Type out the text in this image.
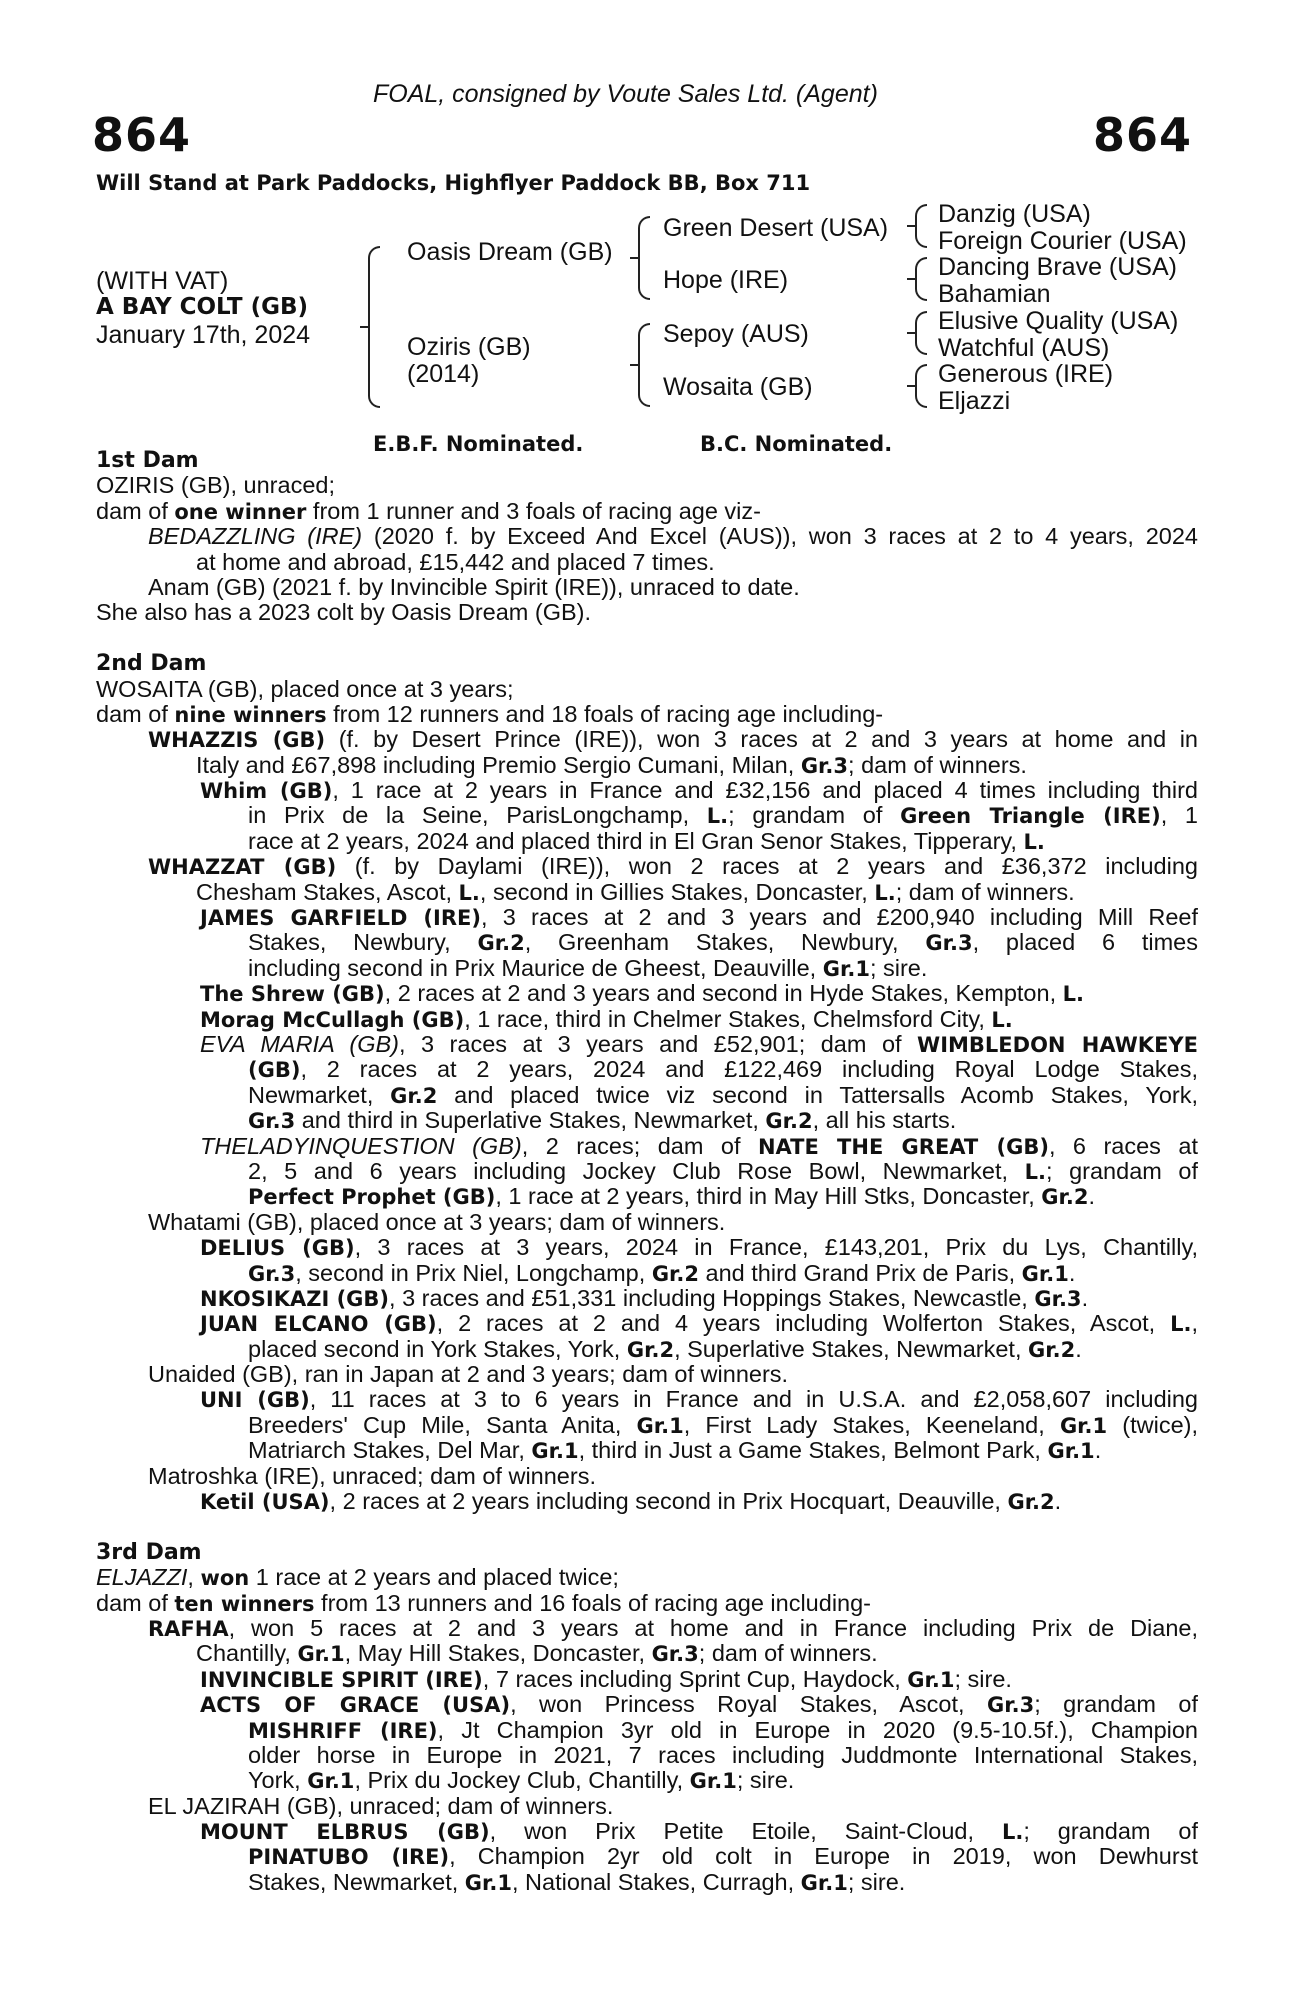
864	864
FOAL, consigned by Voute Sales Ltd. (Agent)
Will Stand at Park Paddocks, Highflyer Paddock BB, Box 711
(WITH VAT)
A BAY COLT (GB)
January 17th, 2024
Oasis Dream (GB)
Oziris (GB)
(2014)
Green Desert (USA)
Hope (IRE)
Sepoy (AUS)
Wosaita (GB)
Danzig (USA)
Foreign Courier (USA)
Dancing Brave (USA)
Bahamian
Elusive Quality (USA)
Watchful (AUS)
Generous (IRE)
Eljazzi
E.B.F. Nominated.	B.C. Nominated.
1st Dam
OZIRIS (GB), unraced;
dam of one winner from 1 runner and 3 foals of racing age viz-
BEDAZZLING (IRE) (2020 f. by Exceed And Excel (AUS)), won 3 races at 2 to 4 years, 2024
at home and abroad, £15,442 and placed 7 times.
Anam (GB) (2021 f. by Invincible Spirit (IRE)), unraced to date.
She also has a 2023 colt by Oasis Dream (GB).
2nd Dam
WOSAITA (GB), placed once at 3 years;
dam of nine winners from 12 runners and 18 foals of racing age including-
WHAZZIS (GB) (f. by Desert Prince (IRE)), won 3 races at 2 and 3 years at home and in
Italy and £67,898 including Premio Sergio Cumani, Milan, Gr.3; dam of winners.
Whim (GB), 1 race at 2 years in France and £32,156 and placed 4 times including third
in Prix de la Seine, ParisLongchamp, L.; grandam of Green Triangle (IRE), 1
race at 2 years, 2024 and placed third in El Gran Senor Stakes, Tipperary, L.
WHAZZAT (GB) (f. by Daylami (IRE)), won 2 races at 2 years and £36,372 including
Chesham Stakes, Ascot, L., second in Gillies Stakes, Doncaster, L.; dam of winners.
JAMES GARFIELD (IRE), 3 races at 2 and 3 years and £200,940 including Mill Reef
Stakes, Newbury, Gr.2, Greenham Stakes, Newbury, Gr.3, placed 6 times
including second in Prix Maurice de Gheest, Deauville, Gr.1; sire.
The Shrew (GB), 2 races at 2 and 3 years and second in Hyde Stakes, Kempton, L.
Morag McCullagh (GB), 1 race, third in Chelmer Stakes, Chelmsford City, L.
EVA MARIA (GB), 3 races at 3 years and £52,901; dam of WIMBLEDON HAWKEYE
(GB), 2 races at 2 years, 2024 and £122,469 including Royal Lodge Stakes,
Newmarket, Gr.2 and placed twice viz second in Tattersalls Acomb Stakes, York,
Gr.3 and third in Superlative Stakes, Newmarket, Gr.2, all his starts.
THELADYINQUESTION (GB), 2 races; dam of NATE THE GREAT (GB), 6 races at
2, 5 and 6 years including Jockey Club Rose Bowl, Newmarket, L.; grandam of
Perfect Prophet (GB), 1 race at 2 years, third in May Hill Stks, Doncaster, Gr.2.
Whatami (GB), placed once at 3 years; dam of winners.
DELIUS (GB), 3 races at 3 years, 2024 in France, £143,201, Prix du Lys, Chantilly,
Gr.3, second in Prix Niel, Longchamp, Gr.2 and third Grand Prix de Paris, Gr.1.
NKOSIKAZI (GB), 3 races and £51,331 including Hoppings Stakes, Newcastle, Gr.3.
JUAN ELCANO (GB), 2 races at 2 and 4 years including Wolferton Stakes, Ascot, L.,
placed second in York Stakes, York, Gr.2, Superlative Stakes, Newmarket, Gr.2.
Unaided (GB), ran in Japan at 2 and 3 years; dam of winners.
UNI (GB), 11 races at 3 to 6 years in France and in U.S.A. and £2,058,607 including
Breeders' Cup Mile, Santa Anita, Gr.1, First Lady Stakes, Keeneland, Gr.1 (twice),
Matriarch Stakes, Del Mar, Gr.1, third in Just a Game Stakes, Belmont Park, Gr.1.
Matroshka (IRE), unraced; dam of winners.
Ketil (USA), 2 races at 2 years including second in Prix Hocquart, Deauville, Gr.2.
3rd Dam
ELJAZZI, won 1 race at 2 years and placed twice;
dam of ten winners from 13 runners and 16 foals of racing age including-
RAFHA, won 5 races at 2 and 3 years at home and in France including Prix de Diane,
Chantilly, Gr.1, May Hill Stakes, Doncaster, Gr.3; dam of winners.
INVINCIBLE SPIRIT (IRE), 7 races including Sprint Cup, Haydock, Gr.1; sire.
ACTS OF GRACE (USA), won Princess Royal Stakes, Ascot, Gr.3; grandam of
MISHRIFF (IRE), Jt Champion 3yr old in Europe in 2020 (9.5-10.5f.), Champion
older horse in Europe in 2021, 7 races including Juddmonte International Stakes,
York, Gr.1, Prix du Jockey Club, Chantilly, Gr.1; sire.
EL JAZIRAH (GB), unraced; dam of winners.
MOUNT ELBRUS (GB), won Prix Petite Etoile, Saint-Cloud, L.; grandam of
PINATUBO (IRE), Champion 2yr old colt in Europe in 2019, won Dewhurst
Stakes, Newmarket, Gr.1, National Stakes, Curragh, Gr.1; sire.
